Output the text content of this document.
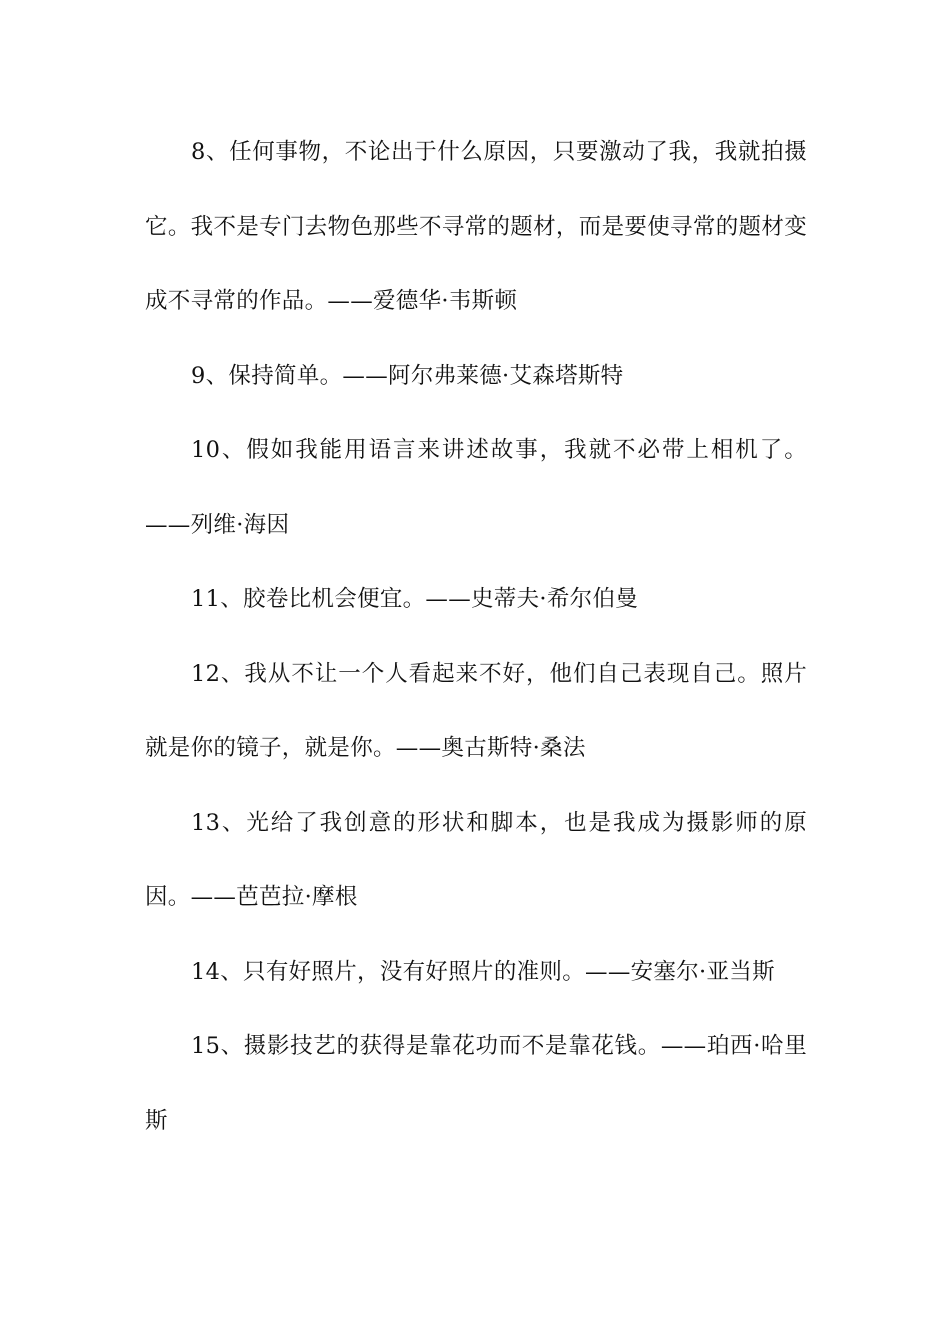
8、任何事物，不论出于什么原因，只要激动了我，我就拍摄它。我不是专门去物色那些不寻常的题材，而是要使寻常的题材变成不寻常的作品。——爱德华·韦斯顿

9、保持简单。——阿尔弗莱德·艾森塔斯特

10、假如我能用语言来讲述故事，我就不必带上相机了。——列维·海因

11、胶卷比机会便宜。——史蒂夫·希尔伯曼

12、我从不让一个人看起来不好，他们自己表现自己。照片就是你的镜子，就是你。——奥古斯特·桑法

13、光给了我创意的形状和脚本，也是我成为摄影师的原因。——芭芭拉·摩根

14、只有好照片，没有好照片的准则。——安塞尔·亚当斯

15、摄影技艺的获得是靠花功而不是靠花钱。——珀西·哈里斯
